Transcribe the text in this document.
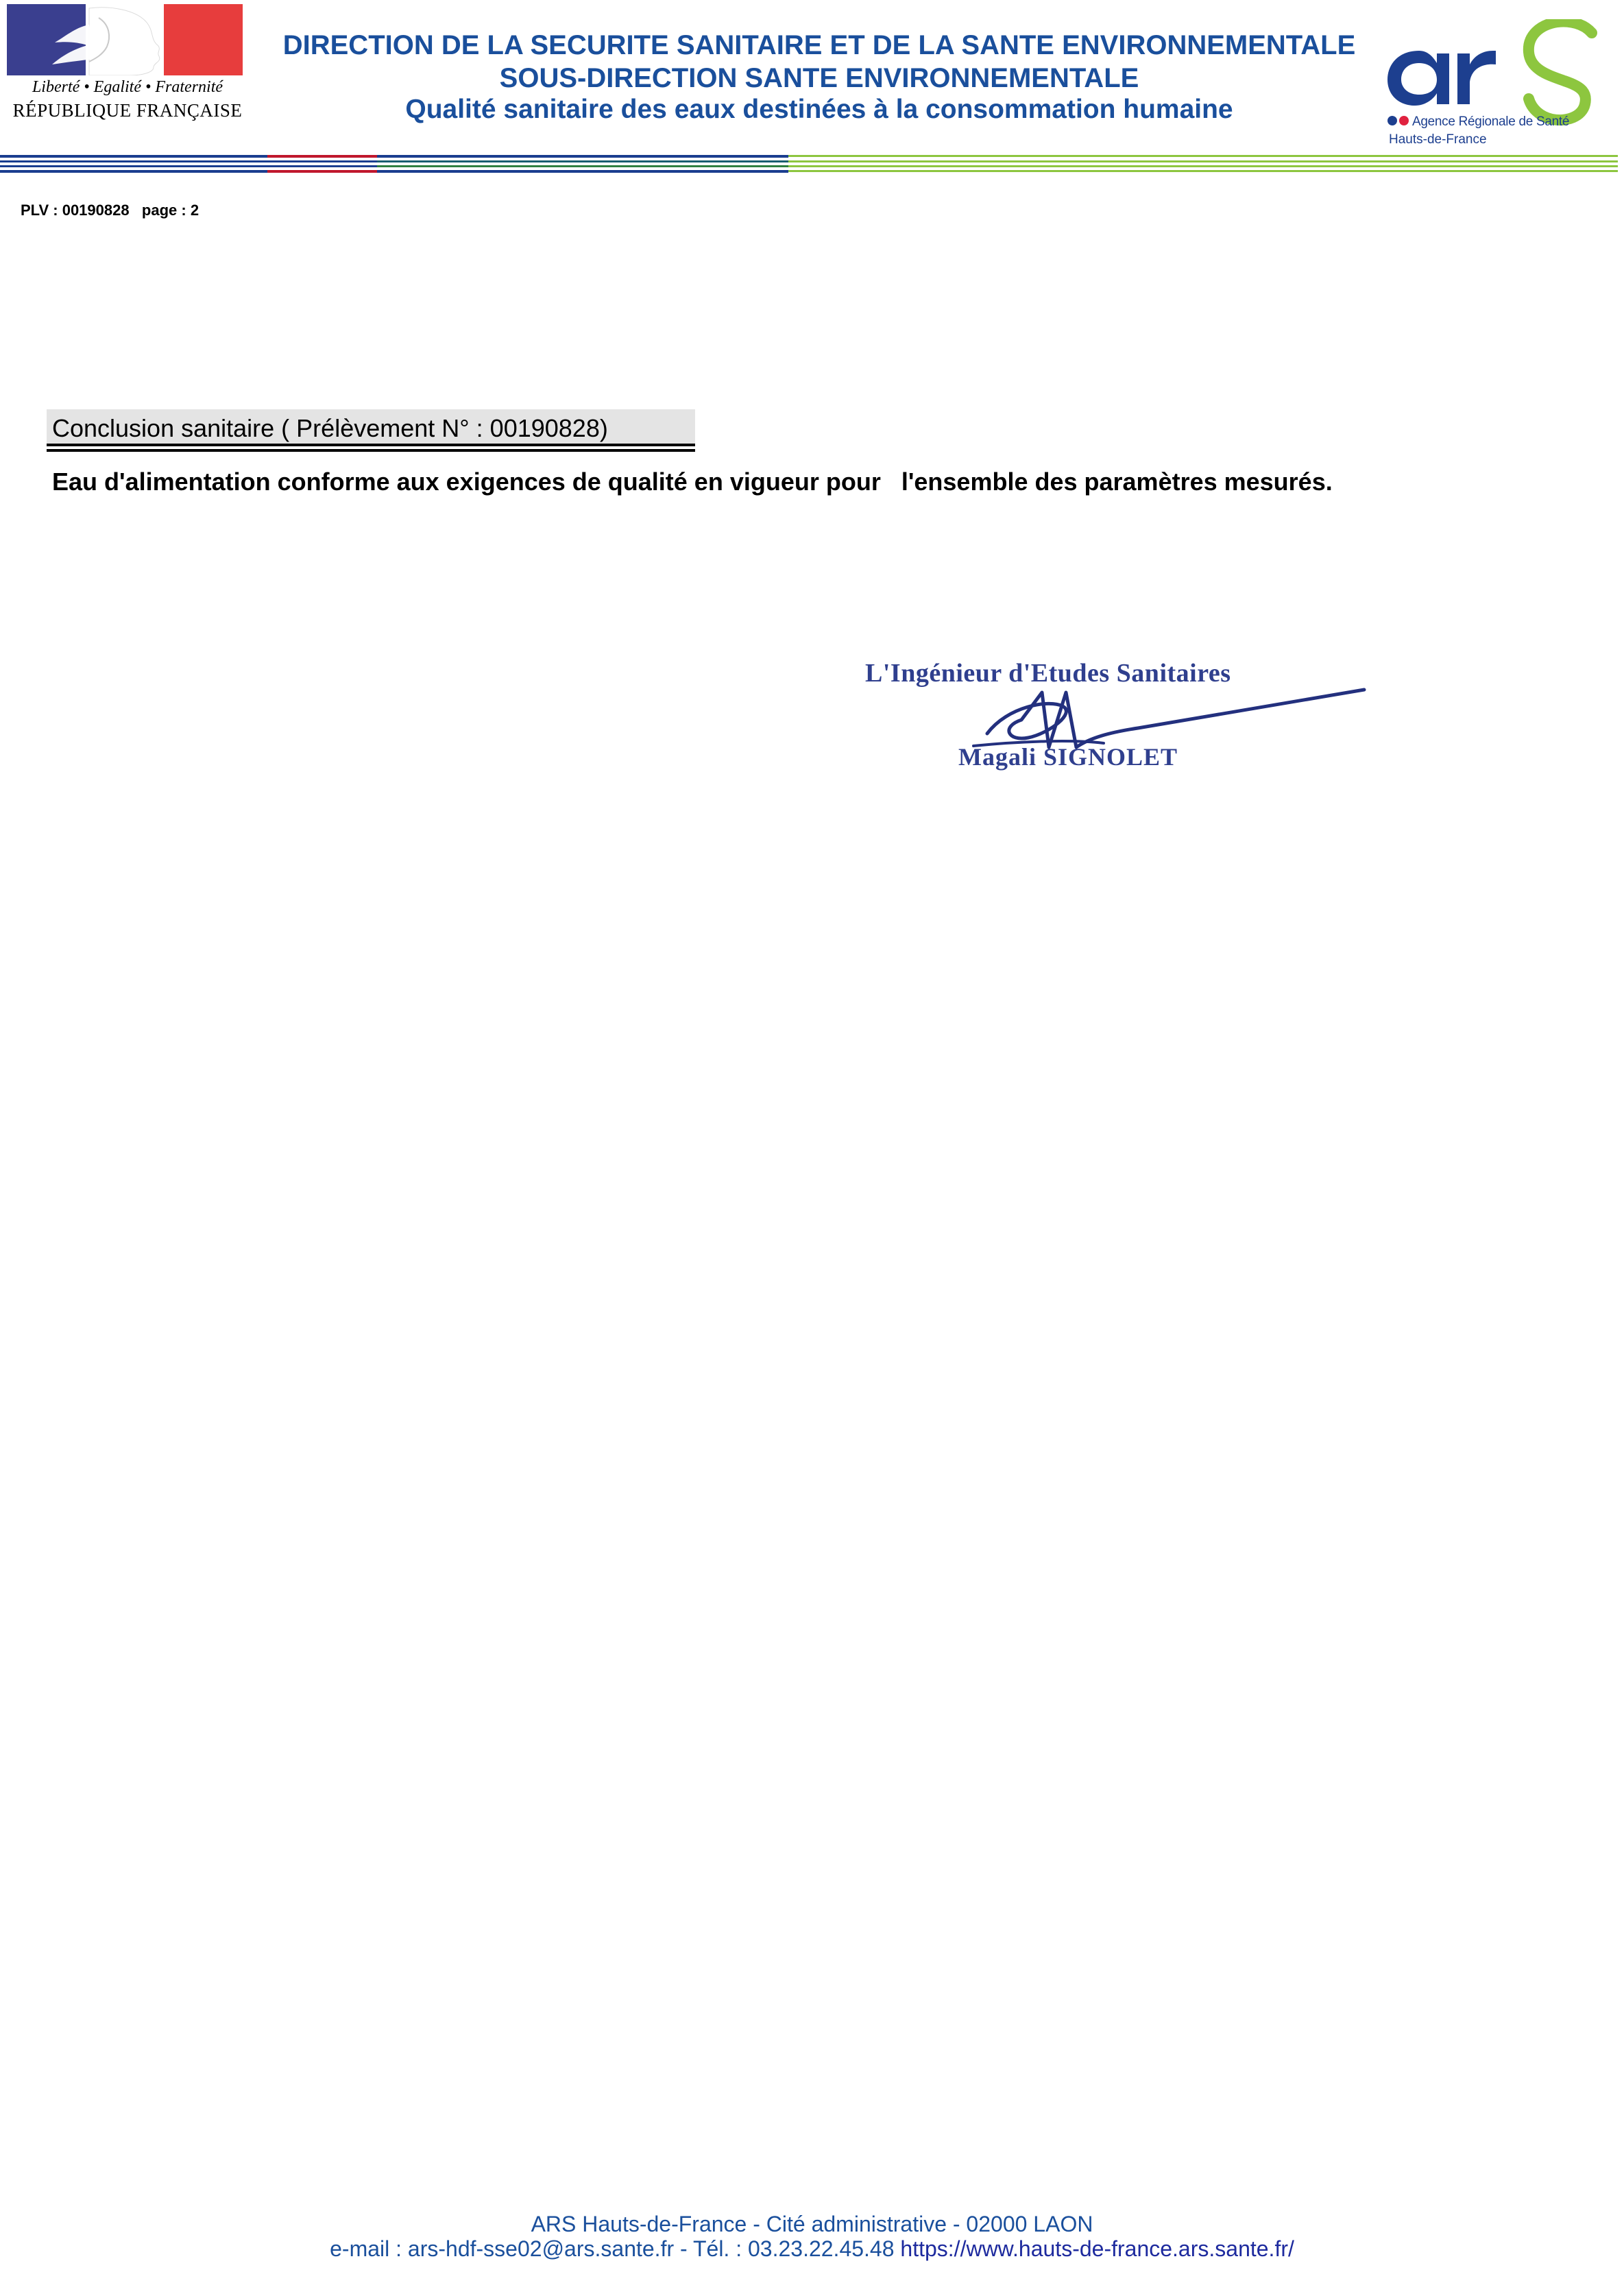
Liberté • Egalité • Fraternité
RÉPUBLIQUE FRANÇAISE
DIRECTION DE LA SECURITE SANITAIRE ET DE LA SANTE ENVIRONNEMENTALE
SOUS-DIRECTION SANTE ENVIRONNEMENTALE
Qualité sanitaire des eaux destinées à la consommation humaine	Agence Régionale de Santé
Hauts-de-France
PLV : 00190828   page : 2
Conclusion sanitaire ( Prélèvement N° : 00190828)
Eau d'alimentation conforme aux exigences de qualité en vigueur pour   l'ensemble des paramètres mesurés.
L'Ingénieur d'Etudes Sanitaires
Magali SIGNOLET
ARS Hauts-de-France - Cité administrative - 02000 LAON
e-mail : ars-hdf-sse02@ars.sante.fr - Tél. : 03.23.22.45.48 https://www.hauts-de-france.ars.sante.fr/
